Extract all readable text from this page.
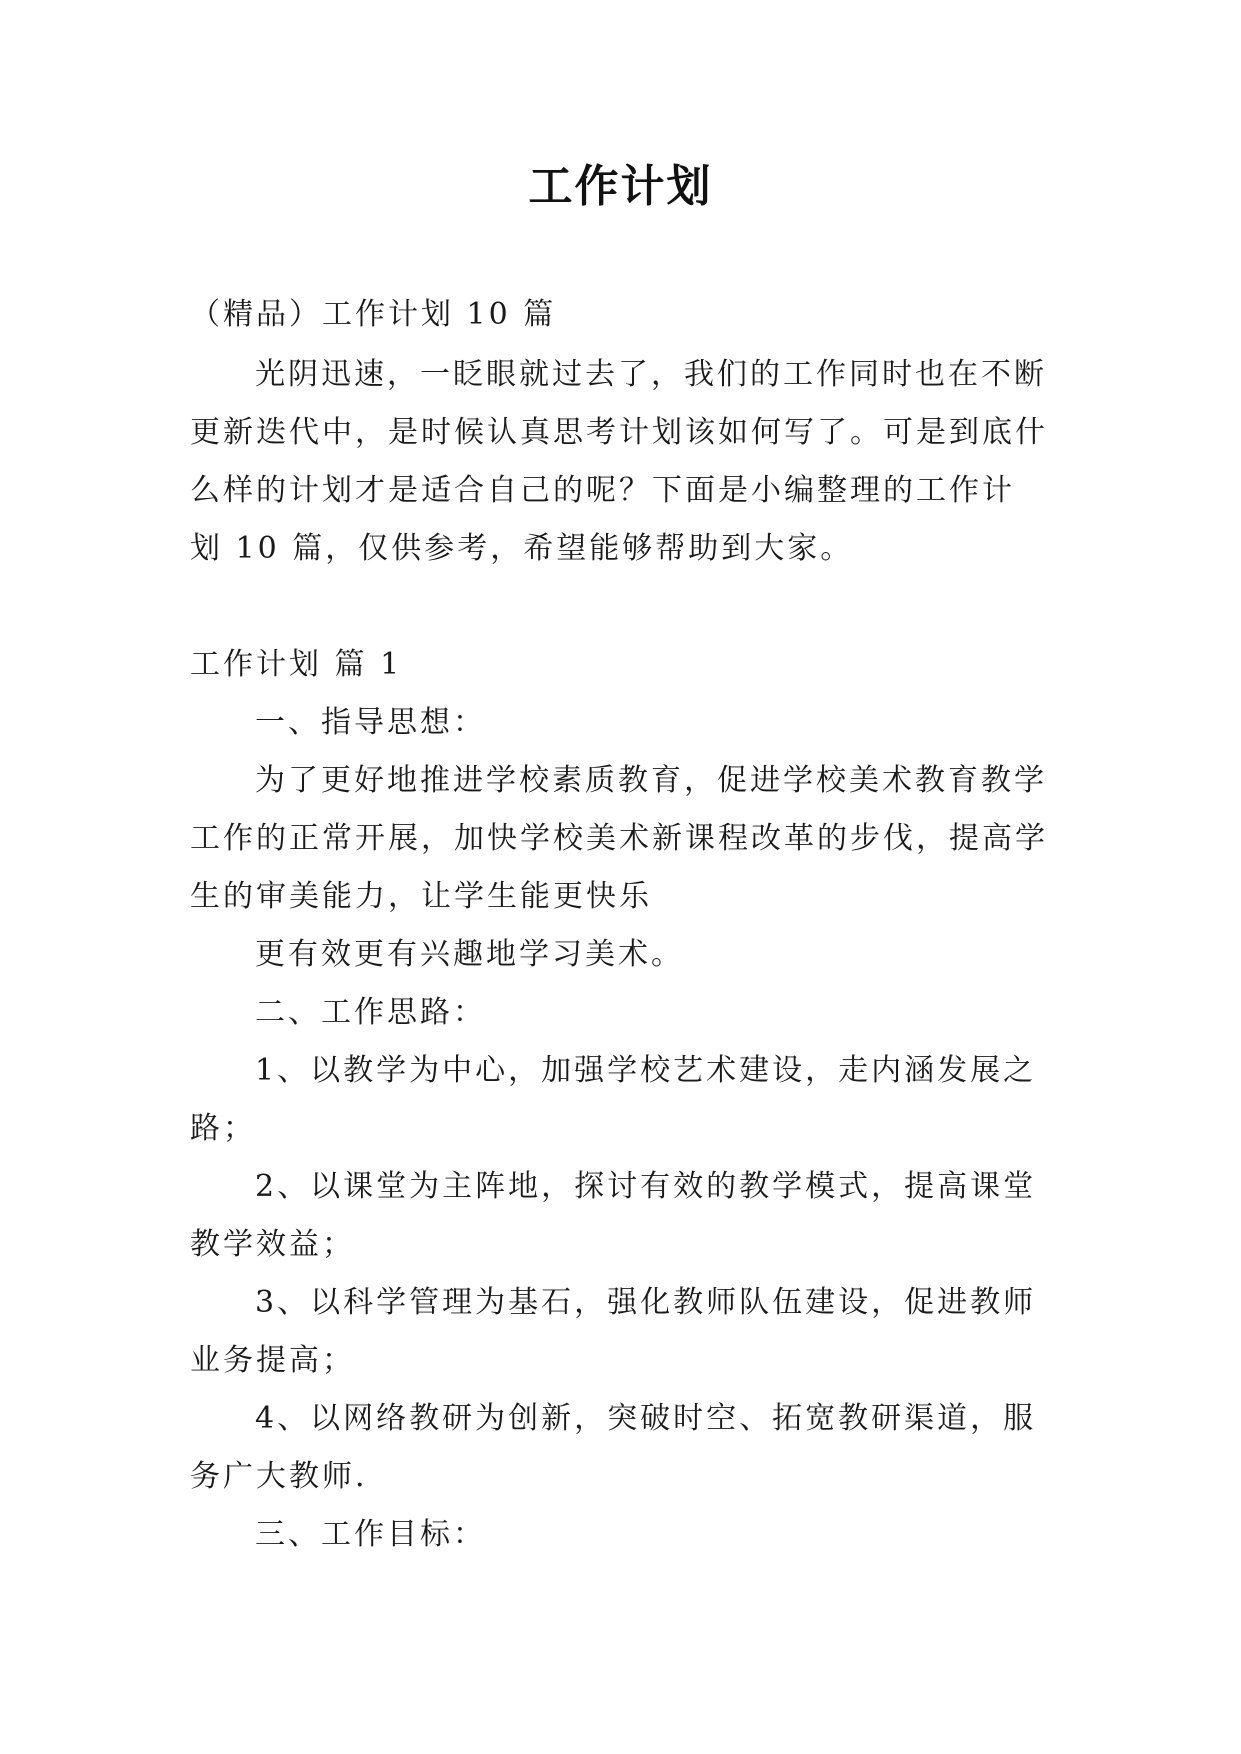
工作计划
（精品）工作计划 10 篇
光阴迅速，一眨眼就过去了，我们的工作同时也在不断
更新迭代中，是时候认真思考计划该如何写了。可是到底什
么样的计划才是适合自己的呢？下面是小编整理的工作计
划 10 篇，仅供参考，希望能够帮助到大家。
工作计划 篇 1
一、指导思想：
为了更好地推进学校素质教育，促进学校美术教育教学
工作的正常开展，加快学校美术新课程改革的步伐，提高学
生的审美能力，让学生能更快乐
更有效更有兴趣地学习美术。
二、工作思路：
1、以教学为中心，加强学校艺术建设，走内涵发展之
路；
2、以课堂为主阵地，探讨有效的教学模式，提高课堂
教学效益；
3、以科学管理为基石，强化教师队伍建设，促进教师
业务提高；
4、以网络教研为创新，突破时空、拓宽教研渠道，服
务广大教师.
三、工作目标：
